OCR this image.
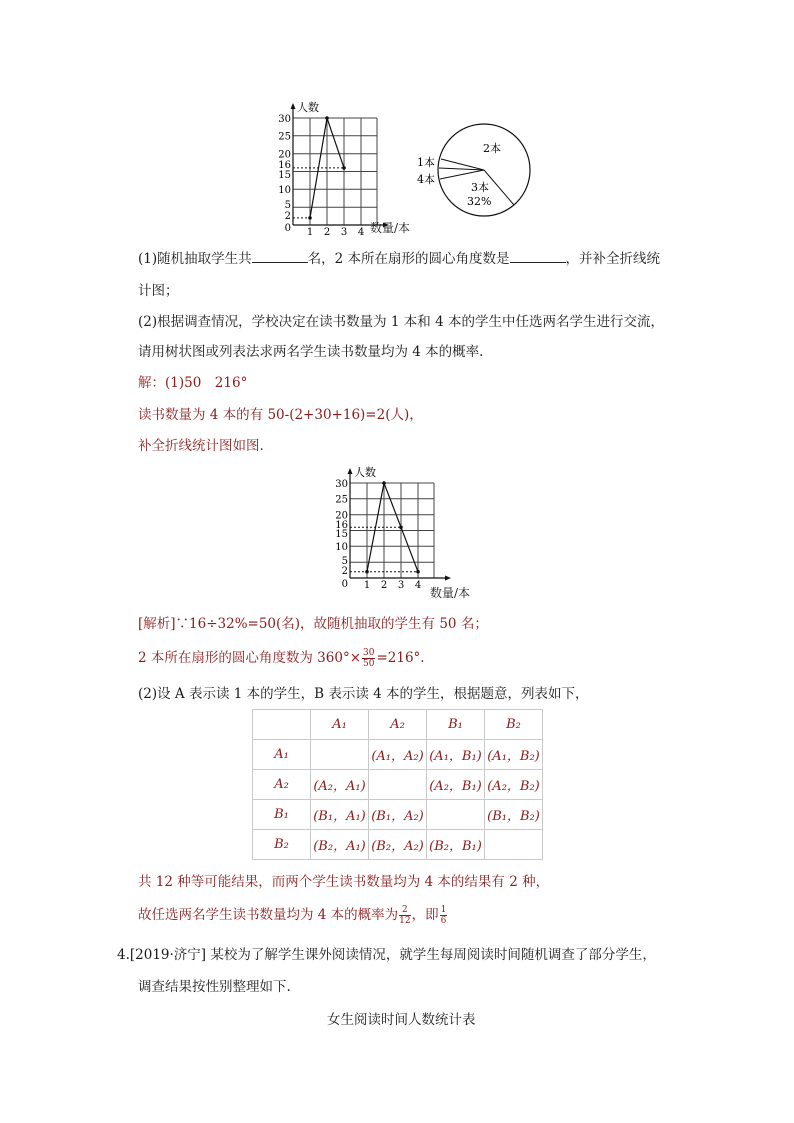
人数
30
25
20
16
15
10
5
2
0 1 2 3 4 数量/本
2本
1本
4本
3本
32%
(1)随机抽取学生共	名，2 本所在扇形的圆心角度数是	，并补全折线统
计图；
(2)根据调查情况，学校决定在读书数量为 1 本和 4 本的学生中任选两名学生进行交流，
请用树状图或列表法求两名学生读书数量均为 4 本的概率.
解：(1)50　216°
读书数量为 4 本的有 50-(2+30+16)=2(人)，
补全折线统计图如图.
人数
30
25
20
16
15
10
5
2
0 1 2 3 4
数量/本
[解析]∵16÷32%=50(名)，故随机抽取的学生有 50 名；
2 本所在扇形的圆心角度数为 $360^\circ\times \frac{30}{50} =216^\circ$.
(2)设 A 表示读 1 本的学生，B 表示读 4 本的学生，根据题意，列表如下，
	A₁	A₂	B₁	B₂
A₁		(A₁，A₂)	(A₁，B₁)	(A₁，B₂)
A₂	(A₂，A₁)		(A₂，B₁)	(A₂，B₂)
B₁	(B₁，A₁)	(B₁，A₂)		(B₁，B₂)
B₂	(B₂，A₁)	(B₂，A₂)	(B₂，B₁)	
共 12 种等可能结果，而两个学生读书数量均为 4 本的结果有 2 种，
故任选两名学生读书数量均为 4 本的概率为 $\frac{2}{12}$ ，即 $\frac{1}{6}$
4.[2019·济宁] 某校为了解学生课外阅读情况，就学生每周阅读时间随机调查了部分学生，
调查结果按性别整理如下.
女生阅读时间人数统计表
